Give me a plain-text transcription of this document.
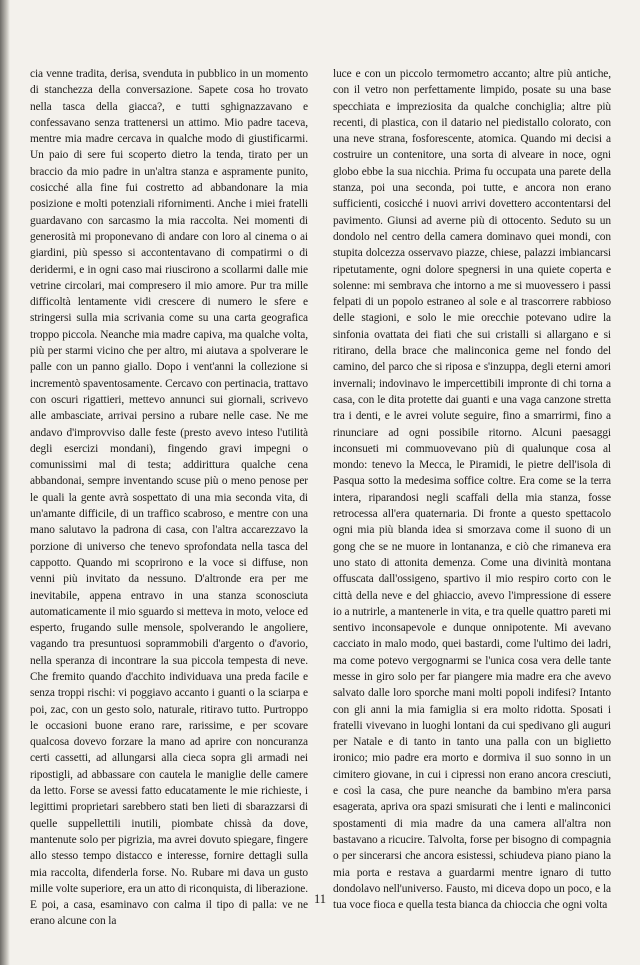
cia venne tradita, derisa, svenduta in pubblico in un momento di stanchezza della conversazione. Sapete cosa ho trovato nella tasca della giacca?, e tutti sghignazzavano e confessavano senza trattenersi un attimo. Mio padre taceva, mentre mia madre cercava in qualche modo di giustificarmi. Un paio di sere fui scoperto dietro la tenda, tirato per un braccio da mio padre in un'altra stanza e aspramente punito, cosicché alla fine fui costretto ad abbandonare la mia posizione e molti potenziali rifornimenti. Anche i miei fratelli guardavano con sarcasmo la mia raccolta. Nei momenti di generosità mi proponevano di andare con loro al cinema o ai giardini, più spesso si accontentavano di compatirmi o di deridermi, e in ogni caso mai riuscirono a scollarmi dalle mie vetrine circolari, mai compresero il mio amore. Pur tra mille difficoltà lentamente vidi crescere di numero le sfere e stringersi sulla mia scrivania come su una carta geografica troppo piccola. Neanche mia madre capiva, ma qualche volta, più per starmi vicino che per altro, mi aiutava a spolverare le palle con un panno giallo. Dopo i vent'anni la collezione si incrementò spaventosamente. Cercavo con pertinacia, trattavo con oscuri rigattieri, mettevo annunci sui giornali, scrivevo alle ambasciate, arrivai persino a rubare nelle case. Ne me andavo d'improvviso dalle feste (presto avevo inteso l'utilità degli esercizi mondani), fingendo gravi impegni o comunissimi mal di testa; addirittura qualche cena abbandonai, sempre inventando scuse più o meno penose per le quali la gente avrà sospettato di una mia seconda vita, di un'amante difficile, di un traffico scabroso, e mentre con una mano salutavo la padrona di casa, con l'altra accarezzavo la porzione di universo che tenevo sprofondata nella tasca del cappotto. Quando mi scoprirono e la voce si diffuse, non venni più invitato da nessuno. D'altronde era per me inevitabile, appena entravo in una stanza sconosciuta automaticamente il mio sguardo si metteva in moto, veloce ed esperto, frugando sulle mensole, spolverando le angoliere, vagando tra presuntuosi soprammobili d'argento o d'avorio, nella speranza di incontrare la sua piccola tempesta di neve. Che fremito quando d'acchito individuava una preda facile e senza troppi rischi: vi poggiavo accanto i guanti o la sciarpa e poi, zac, con un gesto solo, naturale, ritiravo tutto. Purtroppo le occasioni buone erano rare, rarissime, e per scovare qualcosa dovevo forzare la mano ad aprire con noncuranza certi cassetti, ad allungarsi alla cieca sopra gli armadi nei ripostigli, ad abbassare con cautela le maniglie delle camere da letto. Forse se avessi fatto educatamente le mie richieste, i legittimi proprietari sarebbero stati ben lieti di sbarazzarsi di quelle suppellettili inutili, piombate chissà da dove, mantenute solo per pigrizia, ma avrei dovuto spiegare, fingere allo stesso tempo distacco e interesse, fornire dettagli sulla mia raccolta, difenderla forse. No. Rubare mi dava un gusto mille volte superiore, era un atto di riconquista, di liberazione. E poi, a casa, esaminavo con calma il tipo di palla: ve ne erano alcune con la

luce e con un piccolo termometro accanto; altre più antiche, con il vetro non perfettamente limpido, posate su una base specchiata e impreziosita da qualche conchiglia; altre più recenti, di plastica, con il datario nel piedistallo colorato, con una neve strana, fosforescente, atomica. Quando mi decisi a costruire un contenitore, una sorta di alveare in noce, ogni globo ebbe la sua nicchia. Prima fu occupata una parete della stanza, poi una seconda, poi tutte, e ancora non erano sufficienti, cosicché i nuovi arrivi dovettero accontentarsi del pavimento. Giunsi ad averne più di ottocento. Seduto su un dondolo nel centro della camera dominavo quei mondi, con stupita dolcezza osservavo piazze, chiese, palazzi imbiancarsi ripetutamente, ogni dolore spegnersi in una quiete coperta e solenne: mi sembrava che intorno a me si muovessero i passi felpati di un popolo estraneo al sole e al trascorrere rabbioso delle stagioni, e solo le mie orecchie potevano udire la sinfonia ovattata dei fiati che sui cristalli si allargano e si ritirano, della brace che malinconica geme nel fondo del camino, del parco che si riposa e s'inzuppa, degli eterni amori invernali; indovinavo le impercettibili impronte di chi torna a casa, con le dita protette dai guanti e una vaga canzone stretta tra i denti, e le avrei volute seguire, fino a smarrirmi, fino a rinunciare ad ogni possibile ritorno. Alcuni paesaggi inconsueti mi commuovevano più di qualunque cosa al mondo: tenevo la Mecca, le Piramidi, le pietre dell'isola di Pasqua sotto la medesima soffice coltre. Era come se la terra intera, riparandosi negli scaffali della mia stanza, fosse retrocessa all'era quaternaria. Di fronte a questo spettacolo ogni mia più blanda idea si smorzava come il suono di un gong che se ne muore in lontananza, e ciò che rimaneva era uno stato di attonita demenza. Come una divinità montana offuscata dall'ossigeno, spartivo il mio respiro corto con le città della neve e del ghiaccio, avevo l'impressione di essere io a nutrirle, a mantenerle in vita, e tra quelle quattro pareti mi sentivo inconsapevole e dunque onnipotente. Mi avevano cacciato in malo modo, quei bastardi, come l'ultimo dei ladri, ma come potevo vergognarmi se l'unica cosa vera delle tante messe in giro solo per far piangere mia madre era che avevo salvato dalle loro sporche mani molti popoli indifesi? Intanto con gli anni la mia famiglia si era molto ridotta. Sposati i fratelli vivevano in luoghi lontani da cui spedivano gli auguri per Natale e di tanto in tanto una palla con un biglietto ironico; mio padre era morto e dormiva il suo sonno in un cimitero giovane, in cui i cipressi non erano ancora cresciuti, e così la casa, che pure neanche da bambino m'era parsa esagerata, apriva ora spazi smisurati che i lenti e malinconici spostamenti di mia madre da una camera all'altra non bastavano a ricucire. Talvolta, forse per bisogno di compagnia o per sincerarsi che ancora esistessi, schiudeva piano piano la mia porta e restava a guardarmi mentre ignaro di tutto dondolavo nell'universo. Fausto, mi diceva dopo un poco, e la tua voce fioca e quella testa bianca da chioccia che ogni volta

11
